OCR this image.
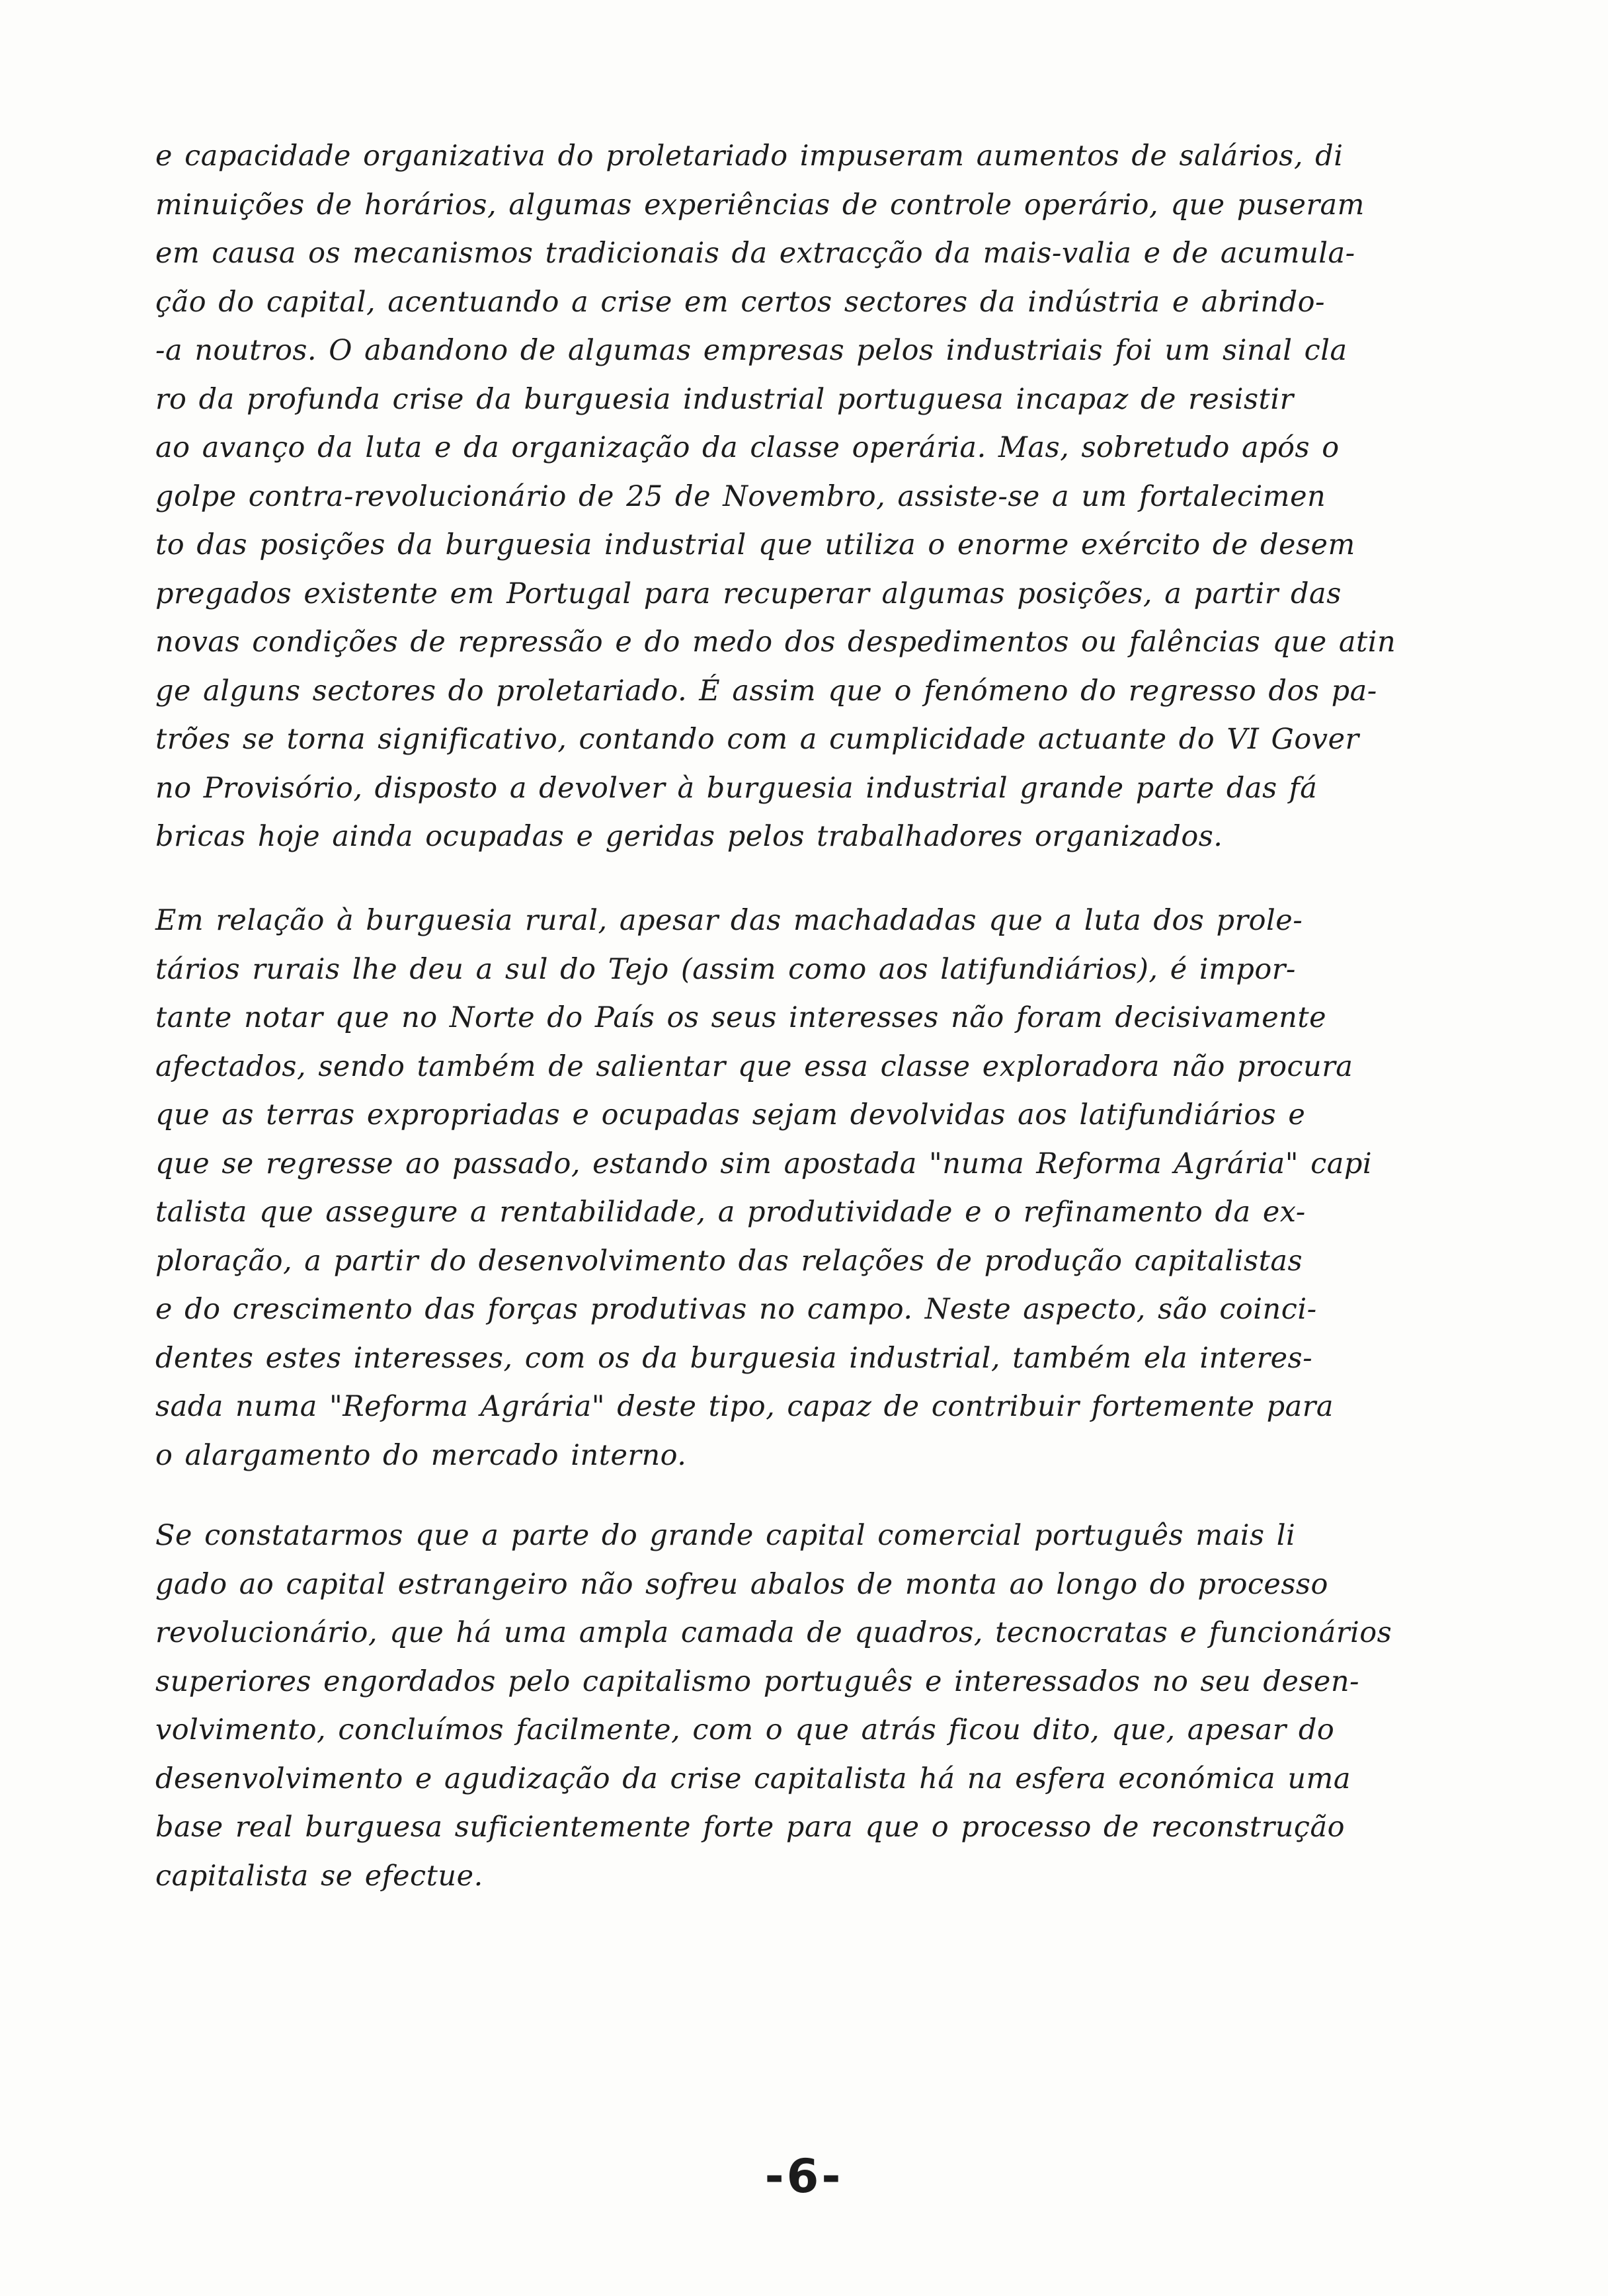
e capacidade organizativa do proletariado impuseram aumentos de salários, di
minuições de horários, algumas experiências de controle operário, que puseram
em causa os mecanismos tradicionais da extracção da mais-valia e de acumula-
ção do capital, acentuando a crise em certos sectores da indústria e abrindo-
-a noutros. O abandono de algumas empresas pelos industriais foi um sinal cla
ro da profunda crise da burguesia industrial portuguesa incapaz de resistir
ao avanço da luta e da organização da classe operária. Mas, sobretudo após o
golpe contra-revolucionário de 25 de Novembro, assiste-se a um fortalecimen
to das posições da burguesia industrial que utiliza o enorme exército de desem
pregados existente em Portugal para recuperar algumas posições, a partir das
novas condições de repressão e do medo dos despedimentos ou falências que atin
ge alguns sectores do proletariado. É assim que o fenómeno do regresso dos pa-
trões se torna significativo, contando com a cumplicidade actuante do VI Gover
no Provisório, disposto a devolver à burguesia industrial grande parte das fá
bricas hoje ainda ocupadas e geridas pelos trabalhadores organizados.
Em relação à burguesia rural, apesar das machadadas que a luta dos prole-
tários rurais lhe deu a sul do Tejo (assim como aos latifundiários), é impor-
tante notar que no Norte do País os seus interesses não foram decisivamente
afectados, sendo também de salientar que essa classe exploradora não procura
que as terras expropriadas e ocupadas sejam devolvidas aos latifundiários e
que se regresse ao passado, estando sim apostada "numa Reforma Agrária" capi
talista que assegure a rentabilidade, a produtividade e o refinamento da ex-
ploração, a partir do desenvolvimento das relações de produção capitalistas
e do crescimento das forças produtivas no campo. Neste aspecto, são coinci-
dentes estes interesses, com os da burguesia industrial, também ela interes-
sada numa "Reforma Agrária" deste tipo, capaz de contribuir fortemente para
o alargamento do mercado interno.
Se constatarmos que a parte do grande capital comercial português mais li
gado ao capital estrangeiro não sofreu abalos de monta ao longo do processo
revolucionário, que há uma ampla camada de quadros, tecnocratas e funcionários
superiores engordados pelo capitalismo português e interessados no seu desen-
volvimento, concluímos facilmente, com o que atrás ficou dito, que, apesar do
desenvolvimento e agudização da crise capitalista há na esfera económica uma
base real burguesa suficientemente forte para que o processo de reconstrução
capitalista se efectue.
-6-
